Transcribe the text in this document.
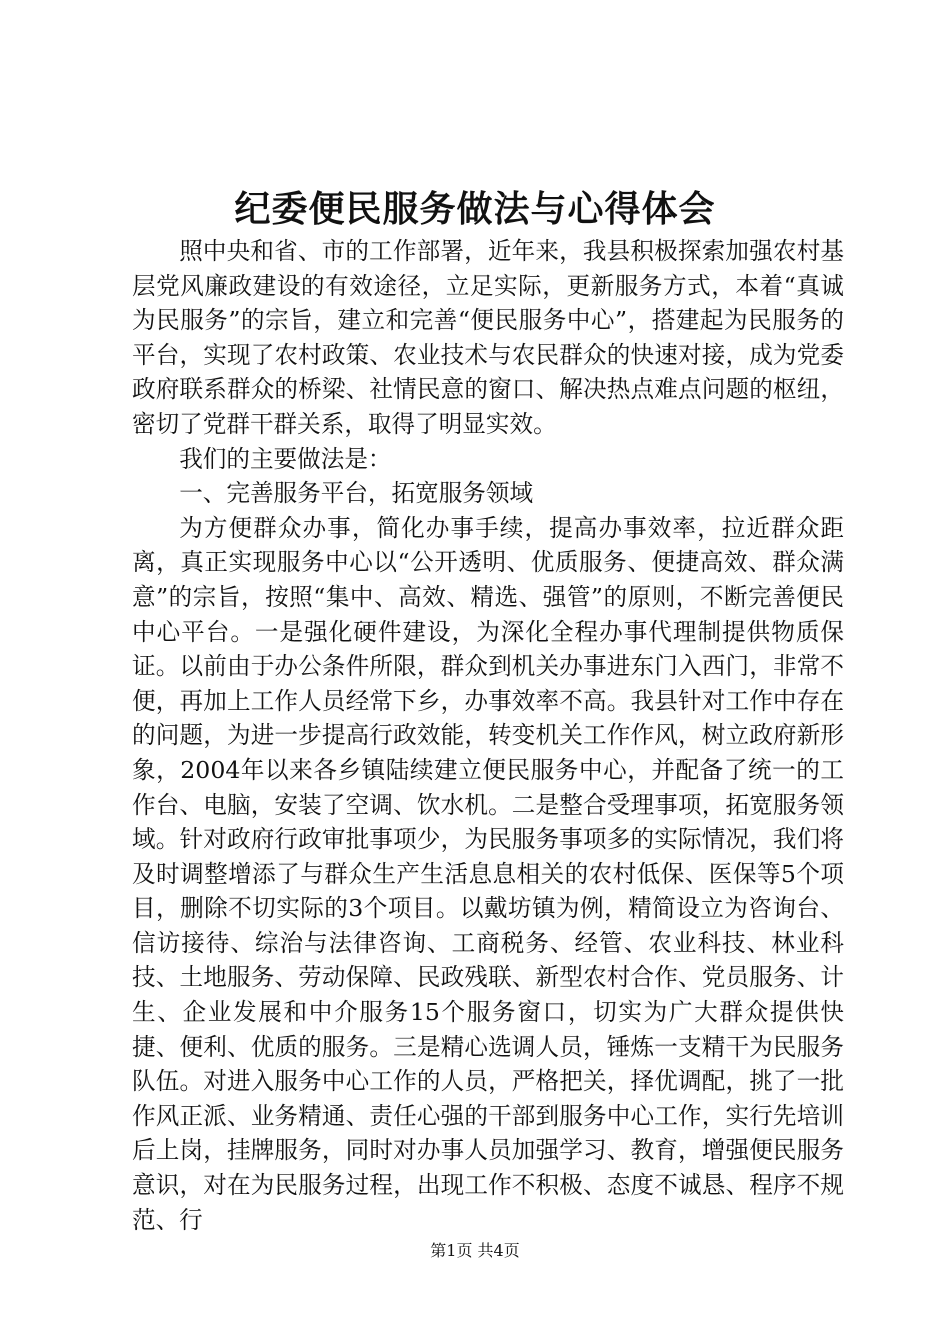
纪委便民服务做法与心得体会

照中央和省、市的工作部署，近年来，我县积极探索加强农村基层党风廉政建设的有效途径，立足实际，更新服务方式，本着“真诚为民服务”的宗旨，建立和完善“便民服务中心”，搭建起为民服务的平台，实现了农村政策、农业技术与农民群众的快速对接，成为党委政府联系群众的桥梁、社情民意的窗口、解决热点难点问题的枢纽，密切了党群干群关系，取得了明显实效。

我们的主要做法是：

一、完善服务平台，拓宽服务领域

为方便群众办事，简化办事手续，提高办事效率，拉近群众距离，真正实现服务中心以“公开透明、优质服务、便捷高效、群众满意”的宗旨，按照“集中、高效、精选、强管”的原则，不断完善便民中心平台。一是强化硬件建设，为深化全程办事代理制提供物质保证。以前由于办公条件所限，群众到机关办事进东门入西门，非常不便，再加上工作人员经常下乡，办事效率不高。我县针对工作中存在的问题，为进一步提高行政效能，转变机关工作作风，树立政府新形象，2004年以来各乡镇陆续建立便民服务中心，并配备了统一的工作台、电脑，安装了空调、饮水机。二是整合受理事项，拓宽服务领域。针对政府行政审批事项少，为民服务事项多的实际情况，我们将及时调整增添了与群众生产生活息息相关的农村低保、医保等5个项目，删除不切实际的3个项目。以戴坊镇为例，精简设立为咨询台、信访接待、综治与法律咨询、工商税务、经管、农业科技、林业科技、土地服务、劳动保障、民政残联、新型农村合作、党员服务、计生、企业发展和中介服务15个服务窗口，切实为广大群众提供快捷、便利、优质的服务。三是精心选调人员，锤炼一支精干为民服务队伍。对进入服务中心工作的人员，严格把关，择优调配，挑了一批作风正派、业务精通、责任心强的干部到服务中心工作，实行先培训后上岗，挂牌服务，同时对办事人员加强学习、教育，增强便民服务意识，对在为民服务过程，出现工作不积极、态度不诚恳、程序不规范、行

第1页 共4页
